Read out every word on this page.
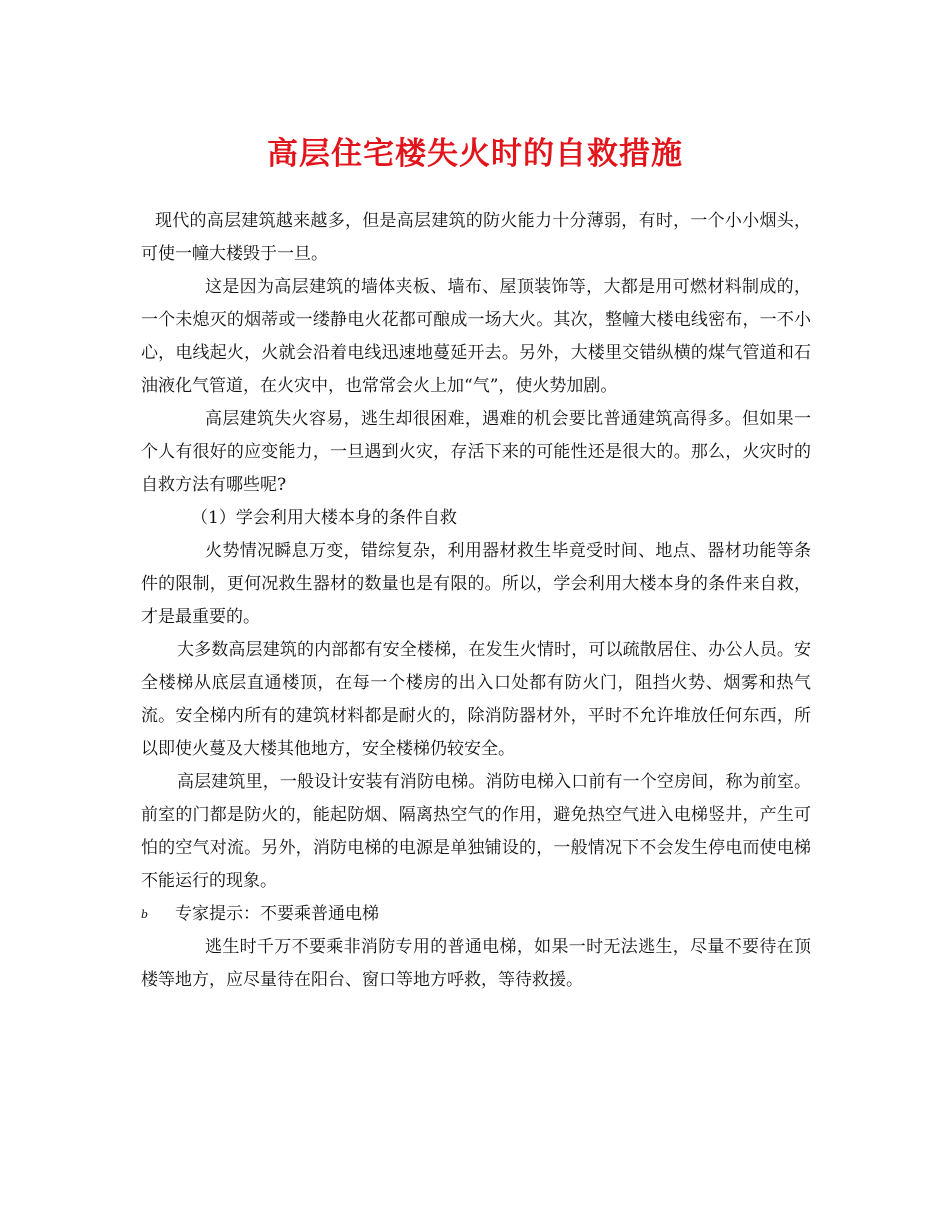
高层住宅楼失火时的自救措施

现代的高层建筑越来越多，但是高层建筑的防火能力十分薄弱，有时，一个小小烟头，可使一幢大楼毁于一旦。

这是因为高层建筑的墙体夹板、墙布、屋顶装饰等，大都是用可燃材料制成的，一个未熄灭的烟蒂或一缕静电火花都可酿成一场大火。其次，整幢大楼电线密布，一不小心，电线起火，火就会沿着电线迅速地蔓延开去。另外，大楼里交错纵横的煤气管道和石油液化气管道，在火灾中，也常常会火上加“气”，使火势加剧。

高层建筑失火容易，逃生却很困难，遇难的机会要比普通建筑高得多。但如果一个人有很好的应变能力，一旦遇到火灾，存活下来的可能性还是很大的。那么，火灾时的自救方法有哪些呢?

（1）学会利用大楼本身的条件自救

火势情况瞬息万变，错综复杂，利用器材救生毕竟受时间、地点、器材功能等条件的限制，更何况救生器材的数量也是有限的。所以，学会利用大楼本身的条件来自救，才是最重要的。

大多数高层建筑的内部都有安全楼梯，在发生火情时，可以疏散居住、办公人员。安全楼梯从底层直通楼顶，在每一个楼房的出入口处都有防火门，阻挡火势、烟雾和热气流。安全梯内所有的建筑材料都是耐火的，除消防器材外，平时不允许堆放任何东西，所以即使火蔓及大楼其他地方，安全楼梯仍较安全。

高层建筑里，一般设计安装有消防电梯。消防电梯入口前有一个空房间，称为前室。前室的门都是防火的，能起防烟、隔离热空气的作用，避免热空气进入电梯竖井，产生可怕的空气对流。另外，消防电梯的电源是单独铺设的，一般情况下不会发生停电而使电梯不能运行的现象。

b	专家提示：不要乘普通电梯

逃生时千万不要乘非消防专用的普通电梯，如果一时无法逃生，尽量不要待在顶楼等地方，应尽量待在阳台、窗口等地方呼救，等待救援。
